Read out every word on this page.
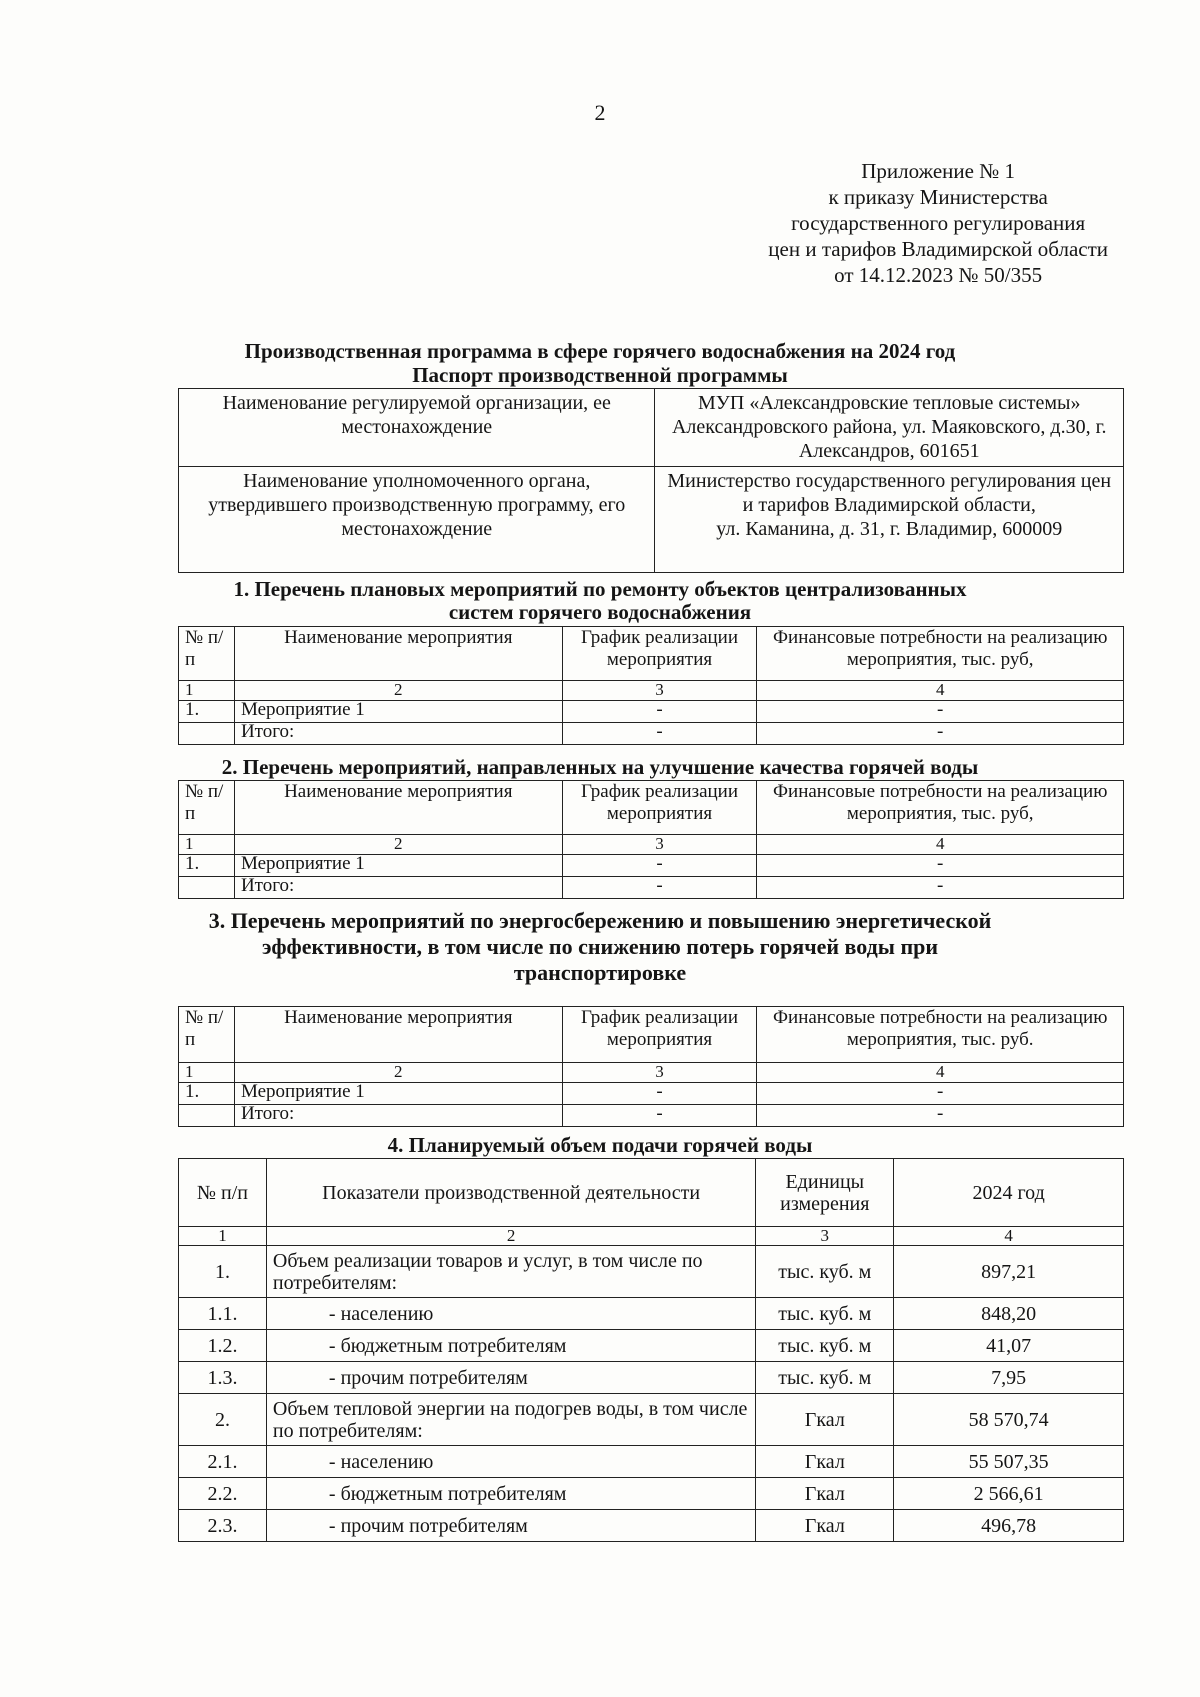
2
Приложение № 1
к приказу Министерства
государственного регулирования
цен и тарифов Владимирской области
от 14.12.2023 № 50/355
Производственная программа в сфере горячего водоснабжения на 2024 год
Паспорт производственной программы
Наименование регулируемой организации, ее местонахождение	МУП «Александровские тепловые системы» Александровского района, ул. Маяковского, д.30, г. Александров, 601651
Наименование уполномоченного органа, утвердившего производственную программу, его местонахождение	Министерство государственного регулирования цен и тарифов Владимирской области,
ул. Каманина, д. 31, г. Владимир, 600009
1. Перечень плановых мероприятий по ремонту объектов централизованных
систем горячего водоснабжения
№ п/п	Наименование мероприятия	График реализации мероприятия	Финансовые потребности на реализацию мероприятия, тыс. руб,
1	2	3	4
1.	Мероприятие 1	-	-
	Итого:	-	-
2. Перечень мероприятий, направленных на улучшение качества горячей воды
№ п/п	Наименование мероприятия	График реализации мероприятия	Финансовые потребности на реализацию мероприятия, тыс. руб,
1	2	3	4
1.	Мероприятие 1	-	-
	Итого:	-	-
3. Перечень мероприятий по энергосбережению и повышению энергетической
эффективности, в том числе по снижению потерь горячей воды при
транспортировке
№ п/п	Наименование мероприятия	График реализации мероприятия	Финансовые потребности на реализацию мероприятия, тыс. руб.
1	2	3	4
1.	Мероприятие 1	-	-
	Итого:	-	-
4. Планируемый объем подачи горячей воды
№ п/п	Показатели производственной деятельности	Единицы измерения	2024 год
1	2	3	4
1.	Объем реализации товаров и услуг, в том числе по потребителям:	тыс. куб. м	897,21
1.1.	- населению	тыс. куб. м	848,20
1.2.	- бюджетным потребителям	тыс. куб. м	41,07
1.3.	- прочим потребителям	тыс. куб. м	7,95
2.	Объем тепловой энергии на подогрев воды, в том числе по потребителям:	Гкал	58 570,74
2.1.	- населению	Гкал	55 507,35
2.2.	- бюджетным потребителям	Гкал	2 566,61
2.3.	- прочим потребителям	Гкал	496,78
